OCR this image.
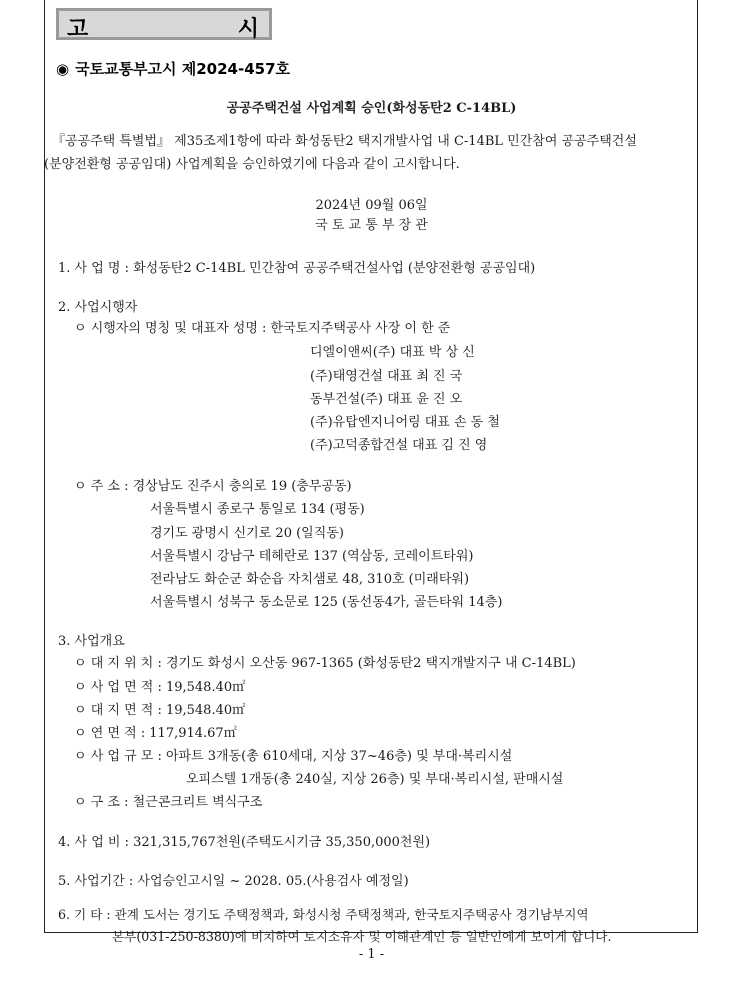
고	시
◉ 국토교통부고시 제2024-457호
공공주택건설 사업계획 승인(화성동탄2 C-14BL)
『공공주택 특별법』 제35조제1항에 따라 화성동탄2 택지개발사업 내 C-14BL 민간참여 공공주택건설
(분양전환형 공공임대) 사업계획을 승인하였기에 다음과 같이 고시합니다.
2024년 09월 06일
국 토 교 통 부 장 관
1. 사 업 명 : 화성동탄2 C-14BL 민간참여 공공주택건설사업 (분양전환형 공공임대)
2. 사업시행자
ㅇ 시행자의 명칭 및 대표자 성명 : 한국토지주택공사 사장 이 한 준
디엘이앤씨(주) 대표 박 상 신
(주)태영건설 대표 최 진 국
동부건설(주) 대표 윤 진 오
(주)유탑엔지니어링 대표 손 동 철
(주)고덕종합건설 대표 김 진 영
ㅇ 주 소 : 경상남도 진주시 충의로 19 (충무공동)
서울특별시 종로구 통일로 134 (평동)
경기도 광명시 신기로 20 (일직동)
서울특별시 강남구 테헤란로 137 (역삼동, 코레이트타워)
전라남도 화순군 화순읍 자치샘로 48, 310호 (미래타워)
서울특별시 성북구 동소문로 125 (동선동4가, 골든타워 14층)
3. 사업개요
ㅇ 대 지 위 치 : 경기도 화성시 오산동 967-1365 (화성동탄2 택지개발지구 내 C-14BL)
ㅇ 사 업 면 적 : 19,548.40㎡
ㅇ 대 지 면 적 : 19,548.40㎡
ㅇ 연 면 적 : 117,914.67㎡
ㅇ 사 업 규 모 : 아파트 3개동(총 610세대, 지상 37~46층) 및 부대·복리시설
오피스텔 1개동(총 240실, 지상 26층) 및 부대·복리시설, 판매시설
ㅇ 구 조 : 철근콘크리트 벽식구조
4. 사 업 비 : 321,315,767천원(주택도시기금 35,350,000천원)
5. 사업기간 : 사업승인고시일 ~ 2028. 05.(사용검사 예정일)
6. 기 타 : 관계 도서는 경기도 주택정책과, 화성시청 주택정책과, 한국토지주택공사 경기남부지역
본부(031-250-8380)에 비치하여 토지소유자 및 이해관계인 등 일반인에게 보이게 합니다.
- 1 -
